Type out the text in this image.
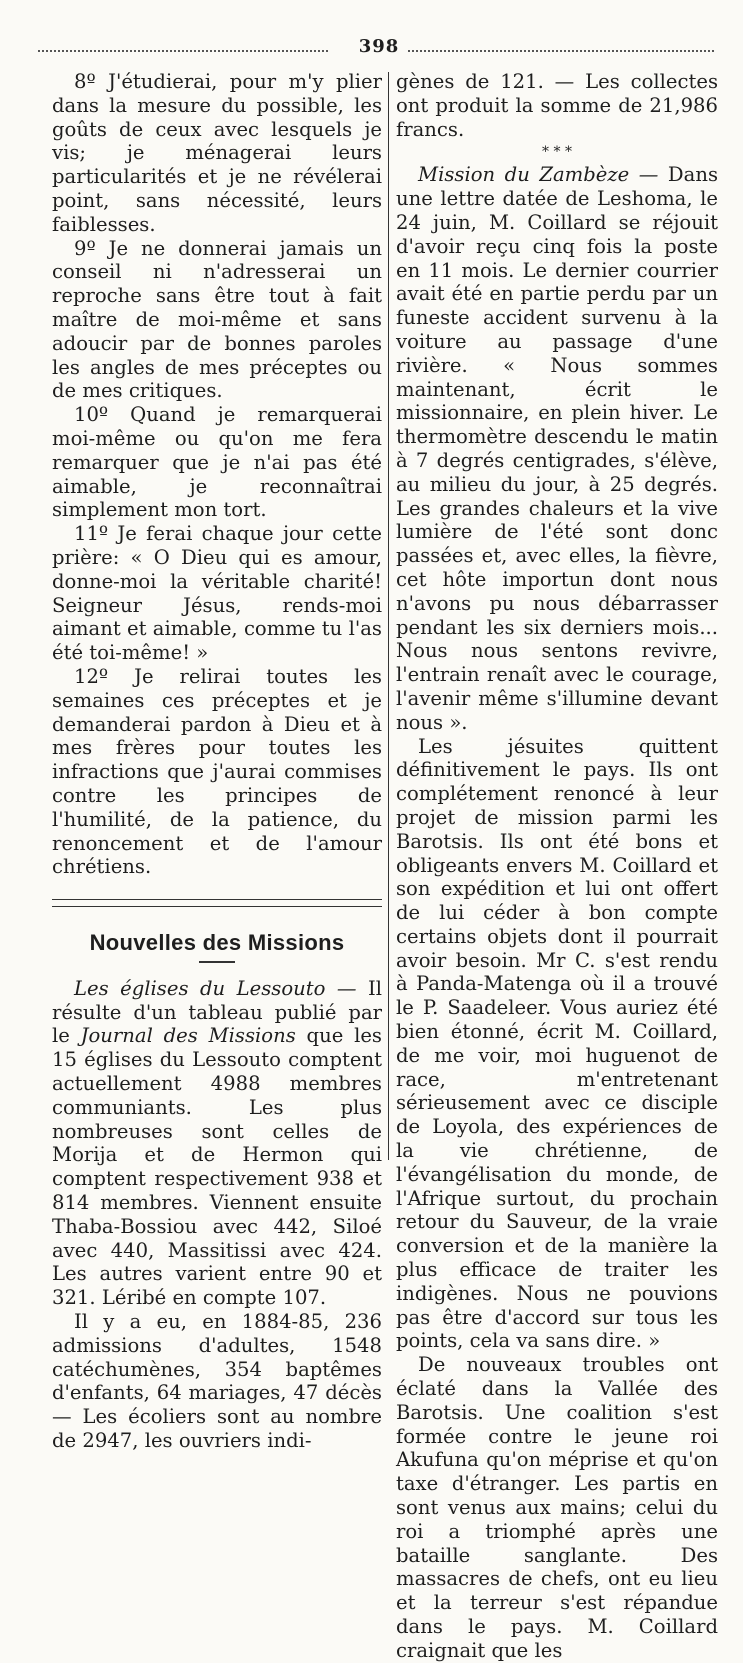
398

8º J'étudierai, pour m'y plier dans la mesure du possible, les goûts de ceux avec lesquels je vis; je ménagerai leurs particularités et je ne révélerai point, sans nécessité, leurs faiblesses.

9º Je ne donnerai jamais un conseil ni n'adresserai un reproche sans être tout à fait maître de moi-même et sans adoucir par de bonnes paroles les angles de mes préceptes ou de mes critiques.

10º Quand je remarquerai moi-même ou qu'on me fera remarquer que je n'ai pas été aimable, je reconnaîtrai simplement mon tort.

11º Je ferai chaque jour cette prière: « O Dieu qui es amour, donne-moi la véritable charité! Seigneur Jésus, rends-moi aimant et aimable, comme tu l'as été toi-même! »

12º Je relirai toutes les semaines ces préceptes et je demanderai pardon à Dieu et à mes frères pour toutes les infractions que j'aurai commises contre les principes de l'humilité, de la patience, du renoncement et de l'amour chrétiens.

Nouvelles des Missions

Les églises du Lessouto — Il résulte d'un tableau publié par le Journal des Missions que les 15 églises du Lessouto comptent actuellement 4988 membres communiants. Les plus nombreuses sont celles de Morija et de Hermon qui comptent respectivement 938 et 814 membres. Viennent ensuite Thaba-Bossiou avec 442, Siloé avec 440, Massitissi avec 424. Les autres varient entre 90 et 321. Léribé en compte 107.

Il y a eu, en 1884-85, 236 admissions d'adultes, 1548 catéchumènes, 354 baptêmes d'enfants, 64 mariages, 47 décès — Les écoliers sont au nombre de 2947, les ouvriers indi-

gènes de 121. — Les collectes ont produit la somme de 21,986 francs.

* * *

Mission du Zambèze — Dans une lettre datée de Leshoma, le 24 juin, M. Coillard se réjouit d'avoir reçu cinq fois la poste en 11 mois. Le dernier courrier avait été en partie perdu par un funeste accident survenu à la voiture au passage d'une rivière. « Nous sommes maintenant, écrit le missionnaire, en plein hiver. Le thermomètre descendu le matin à 7 degrés centigrades, s'élève, au milieu du jour, à 25 degrés. Les grandes chaleurs et la vive lumière de l'été sont donc passées et, avec elles, la fièvre, cet hôte importun dont nous n'avons pu nous débarrasser pendant les six derniers mois... Nous nous sentons revivre, l'entrain renaît avec le courage, l'avenir même s'illumine devant nous ».

Les jésuites quittent définitivement le pays. Ils ont complétement renoncé à leur projet de mission parmi les Barotsis. Ils ont été bons et obligeants envers M. Coillard et son expédition et lui ont offert de lui céder à bon compte certains objets dont il pourrait avoir besoin. Mr C. s'est rendu à Panda-Matenga où il a trouvé le P. Saadeleer. Vous auriez été bien étonné, écrit M. Coillard, de me voir, moi huguenot de race, m'entretenant sérieusement avec ce disciple de Loyola, des expériences de la vie chrétienne, de l'évangélisation du monde, de l'Afrique surtout, du prochain retour du Sauveur, de la vraie conversion et de la manière la plus efficace de traiter les indigènes. Nous ne pouvions pas être d'accord sur tous les points, cela va sans dire. »

De nouveaux troubles ont éclaté dans la Vallée des Barotsis. Une coalition s'est formée contre le jeune roi Akufuna qu'on méprise et qu'on taxe d'étranger. Les partis en sont venus aux mains; celui du roi a triomphé après une bataille sanglante. Des massacres de chefs, ont eu lieu et la terreur s'est répandue dans le pays. M. Coillard craignait que les
